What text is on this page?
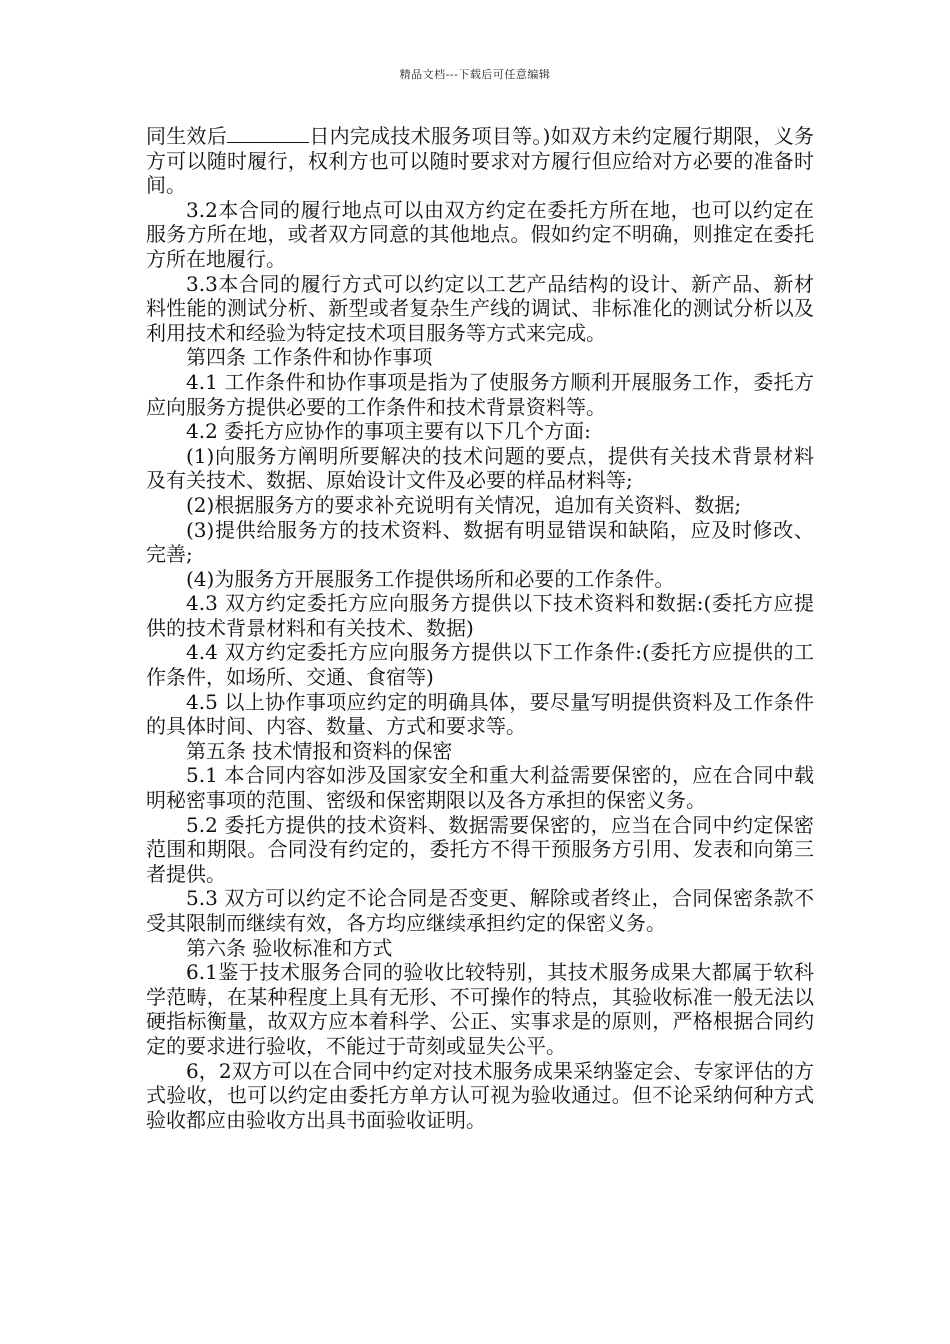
精品文档---下载后可任意编辑

同生效后	日内完成技术服务项目等。)如双方未约定履行期限，义务方可以随时履行，权利方也可以随时要求对方履行但应给对方必要的准备时间。

3.2本合同的履行地点可以由双方约定在委托方所在地，也可以约定在服务方所在地，或者双方同意的其他地点。假如约定不明确，则推定在委托方所在地履行。

3.3本合同的履行方式可以约定以工艺产品结构的设计、新产品、新材料性能的测试分析、新型或者复杂生产线的调试、非标准化的测试分析以及利用技术和经验为特定技术项目服务等方式来完成。

第四条 工作条件和协作事项

4.1 工作条件和协作事项是指为了使服务方顺利开展服务工作，委托方应向服务方提供必要的工作条件和技术背景资料等。

4.2 委托方应协作的事项主要有以下几个方面:

(1)向服务方阐明所要解决的技术问题的要点，提供有关技术背景材料及有关技术、数据、原始设计文件及必要的样品材料等;

(2)根据服务方的要求补充说明有关情况，追加有关资料、数据;

(3)提供给服务方的技术资料、数据有明显错误和缺陷，应及时修改、完善;

(4)为服务方开展服务工作提供场所和必要的工作条件。

4.3 双方约定委托方应向服务方提供以下技术资料和数据:(委托方应提供的技术背景材料和有关技术、数据)

4.4 双方约定委托方应向服务方提供以下工作条件:(委托方应提供的工作条件，如场所、交通、食宿等)

4.5 以上协作事项应约定的明确具体，要尽量写明提供资料及工作条件的具体时间、内容、数量、方式和要求等。

第五条 技术情报和资料的保密

5.1 本合同内容如涉及国家安全和重大利益需要保密的，应在合同中载明秘密事项的范围、密级和保密期限以及各方承担的保密义务。

5.2 委托方提供的技术资料、数据需要保密的，应当在合同中约定保密范围和期限。合同没有约定的，委托方不得干预服务方引用、发表和向第三者提供。

5.3 双方可以约定不论合同是否变更、解除或者终止，合同保密条款不受其限制而继续有效，各方均应继续承担约定的保密义务。

第六条 验收标准和方式

6.1鉴于技术服务合同的验收比较特别，其技术服务成果大都属于软科学范畴，在某种程度上具有无形、不可操作的特点，其验收标准一般无法以硬指标衡量，故双方应本着科学、公正、实事求是的原则，严格根据合同约定的要求进行验收，不能过于苛刻或显失公平。

6，2双方可以在合同中约定对技术服务成果采纳鉴定会、专家评估的方式验收，也可以约定由委托方单方认可视为验收通过。但不论采纳何种方式验收都应由验收方出具书面验收证明。
